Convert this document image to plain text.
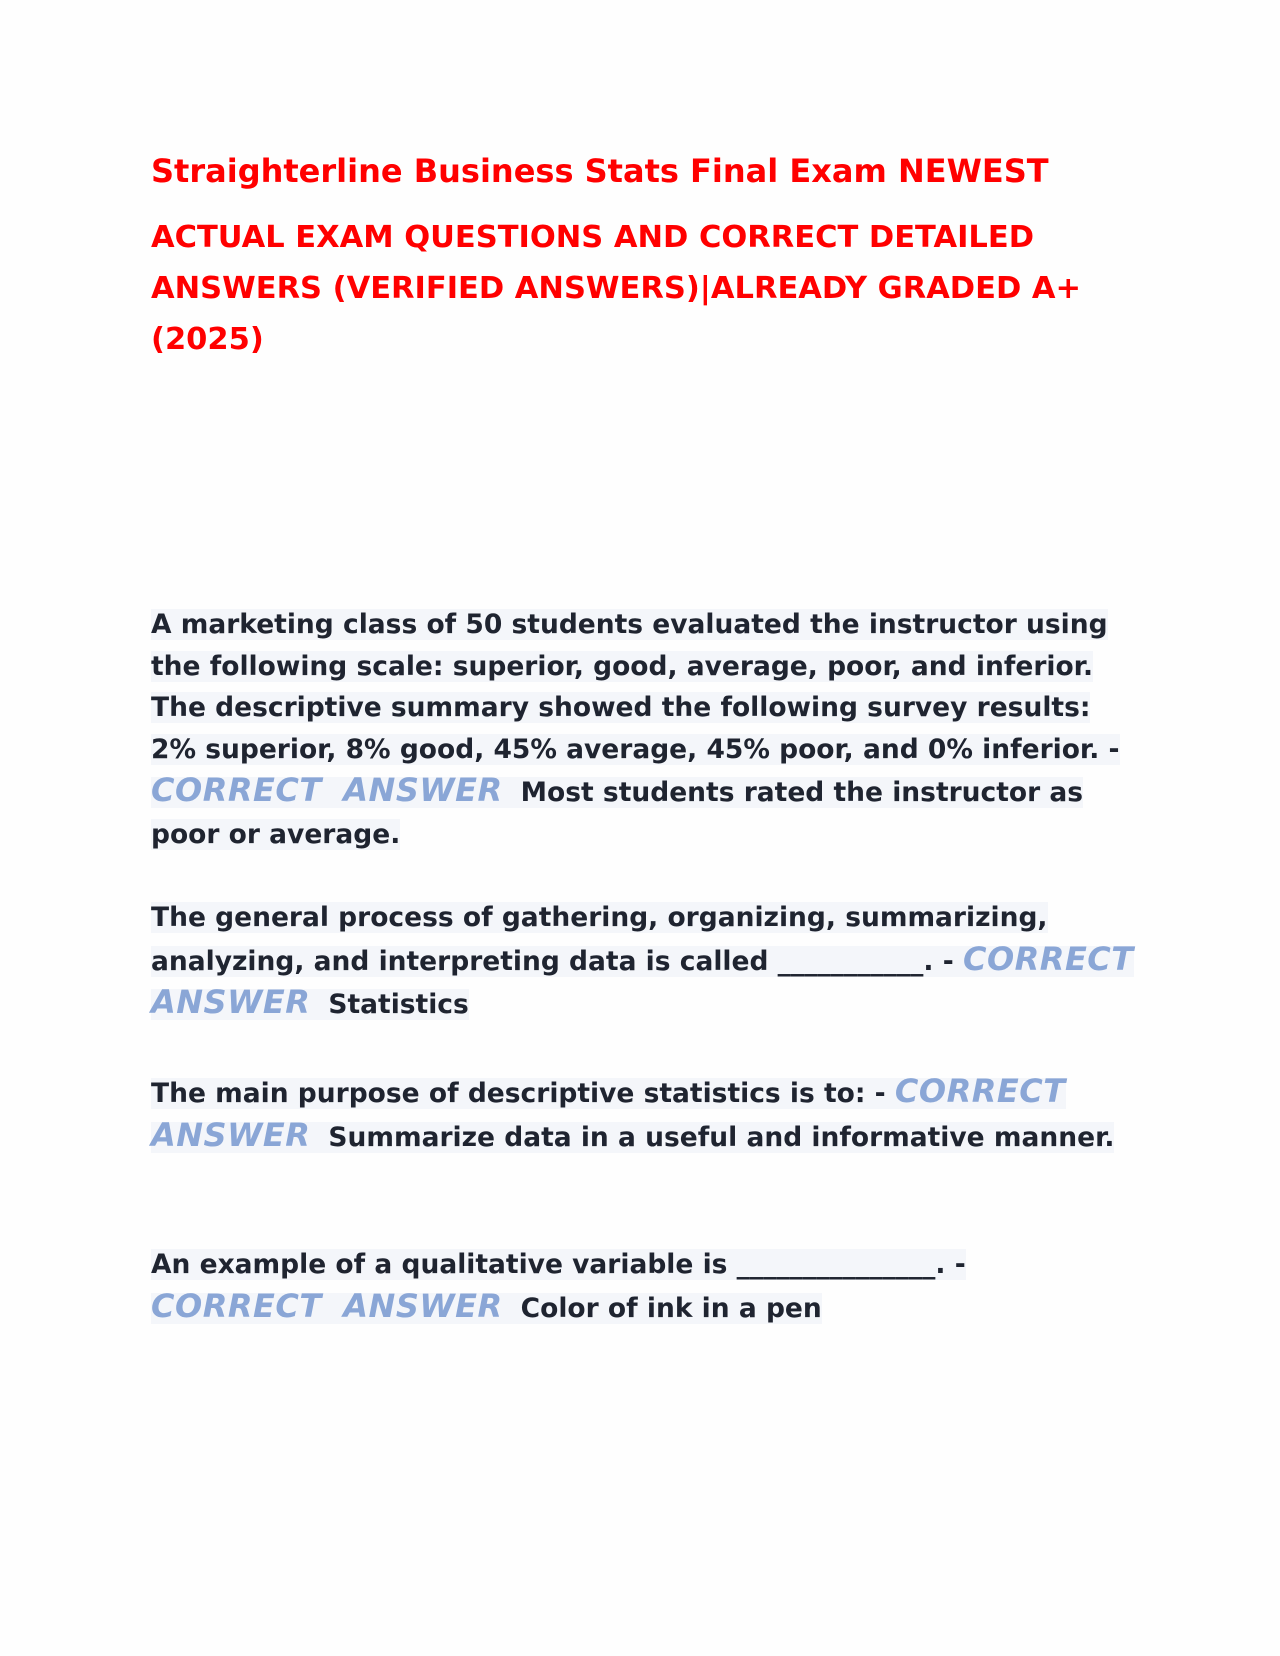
Straighterline Business Stats Final Exam NEWEST
ACTUAL EXAM QUESTIONS AND CORRECT DETAILED ANSWERS (VERIFIED ANSWERS)|ALREADY GRADED A+ (2025)

A marketing class of 50 students evaluated the instructor using the following scale: superior, good, average, poor, and inferior. The descriptive summary showed the following survey results: 2% superior, 8% good, 45% average, 45% poor, and 0% inferior. - CORRECT ANSWER Most students rated the instructor as poor or average.

The general process of gathering, organizing, summarizing, analyzing, and interpreting data is called ___________. - CORRECT ANSWER Statistics

The main purpose of descriptive statistics is to: - CORRECT ANSWER Summarize data in a useful and informative manner.

An example of a qualitative variable is _______________. - CORRECT ANSWER Color of ink in a pen
